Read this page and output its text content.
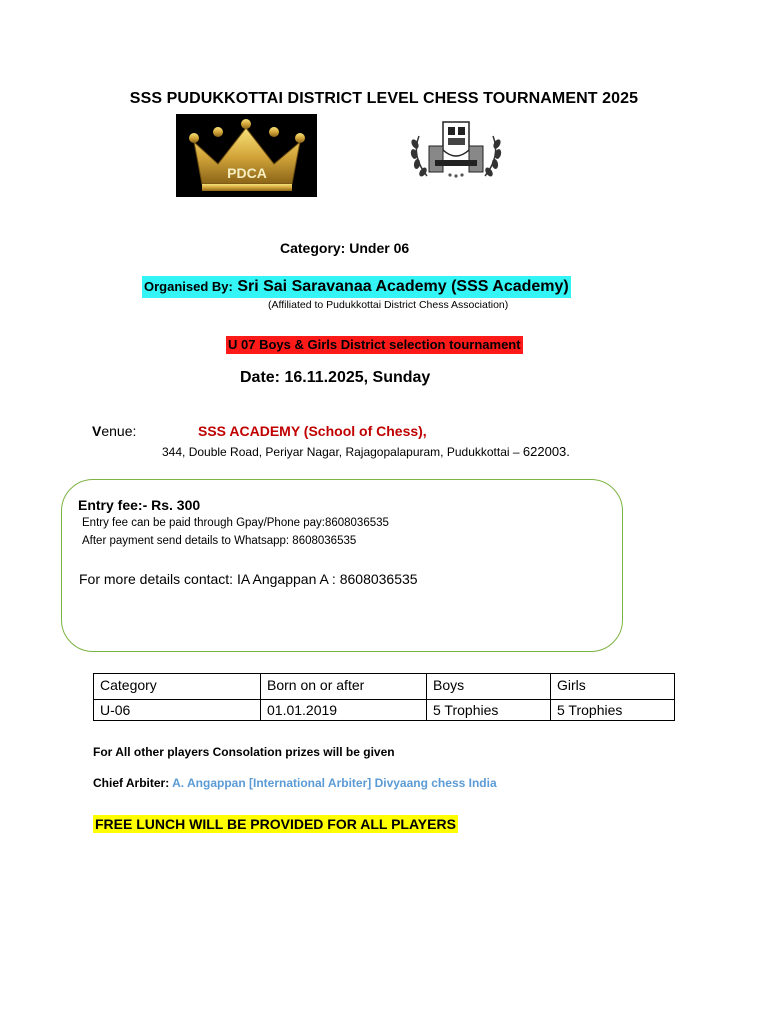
SSS PUDUKKOTTAI DISTRICT LEVEL CHESS TOURNAMENT 2025
PDCA
Category: Under 06
Organised By: Sri Sai Saravanaa Academy (SSS Academy)
(Affiliated to Pudukkottai District Chess Association)
U 07 Boys & Girls District selection tournament
Date: 16.11.2025, Sunday
Venue:	SSS ACADEMY (School of Chess),
344, Double Road, Periyar Nagar, Rajagopalapuram, Pudukkottai – 622003.
Entry fee:- Rs. 300
Entry fee can be paid through Gpay/Phone pay:8608036535
After payment send details to Whatsapp: 8608036535
For more details contact: IA Angappan A : 8608036535
Category	Born on or after	Boys	Girls
U-06	01.01.2019	5 Trophies	5 Trophies
For All other players Consolation prizes will be given
Chief Arbiter: A. Angappan [International Arbiter] Divyaang chess India
FREE LUNCH WILL BE PROVIDED FOR ALL PLAYERS
